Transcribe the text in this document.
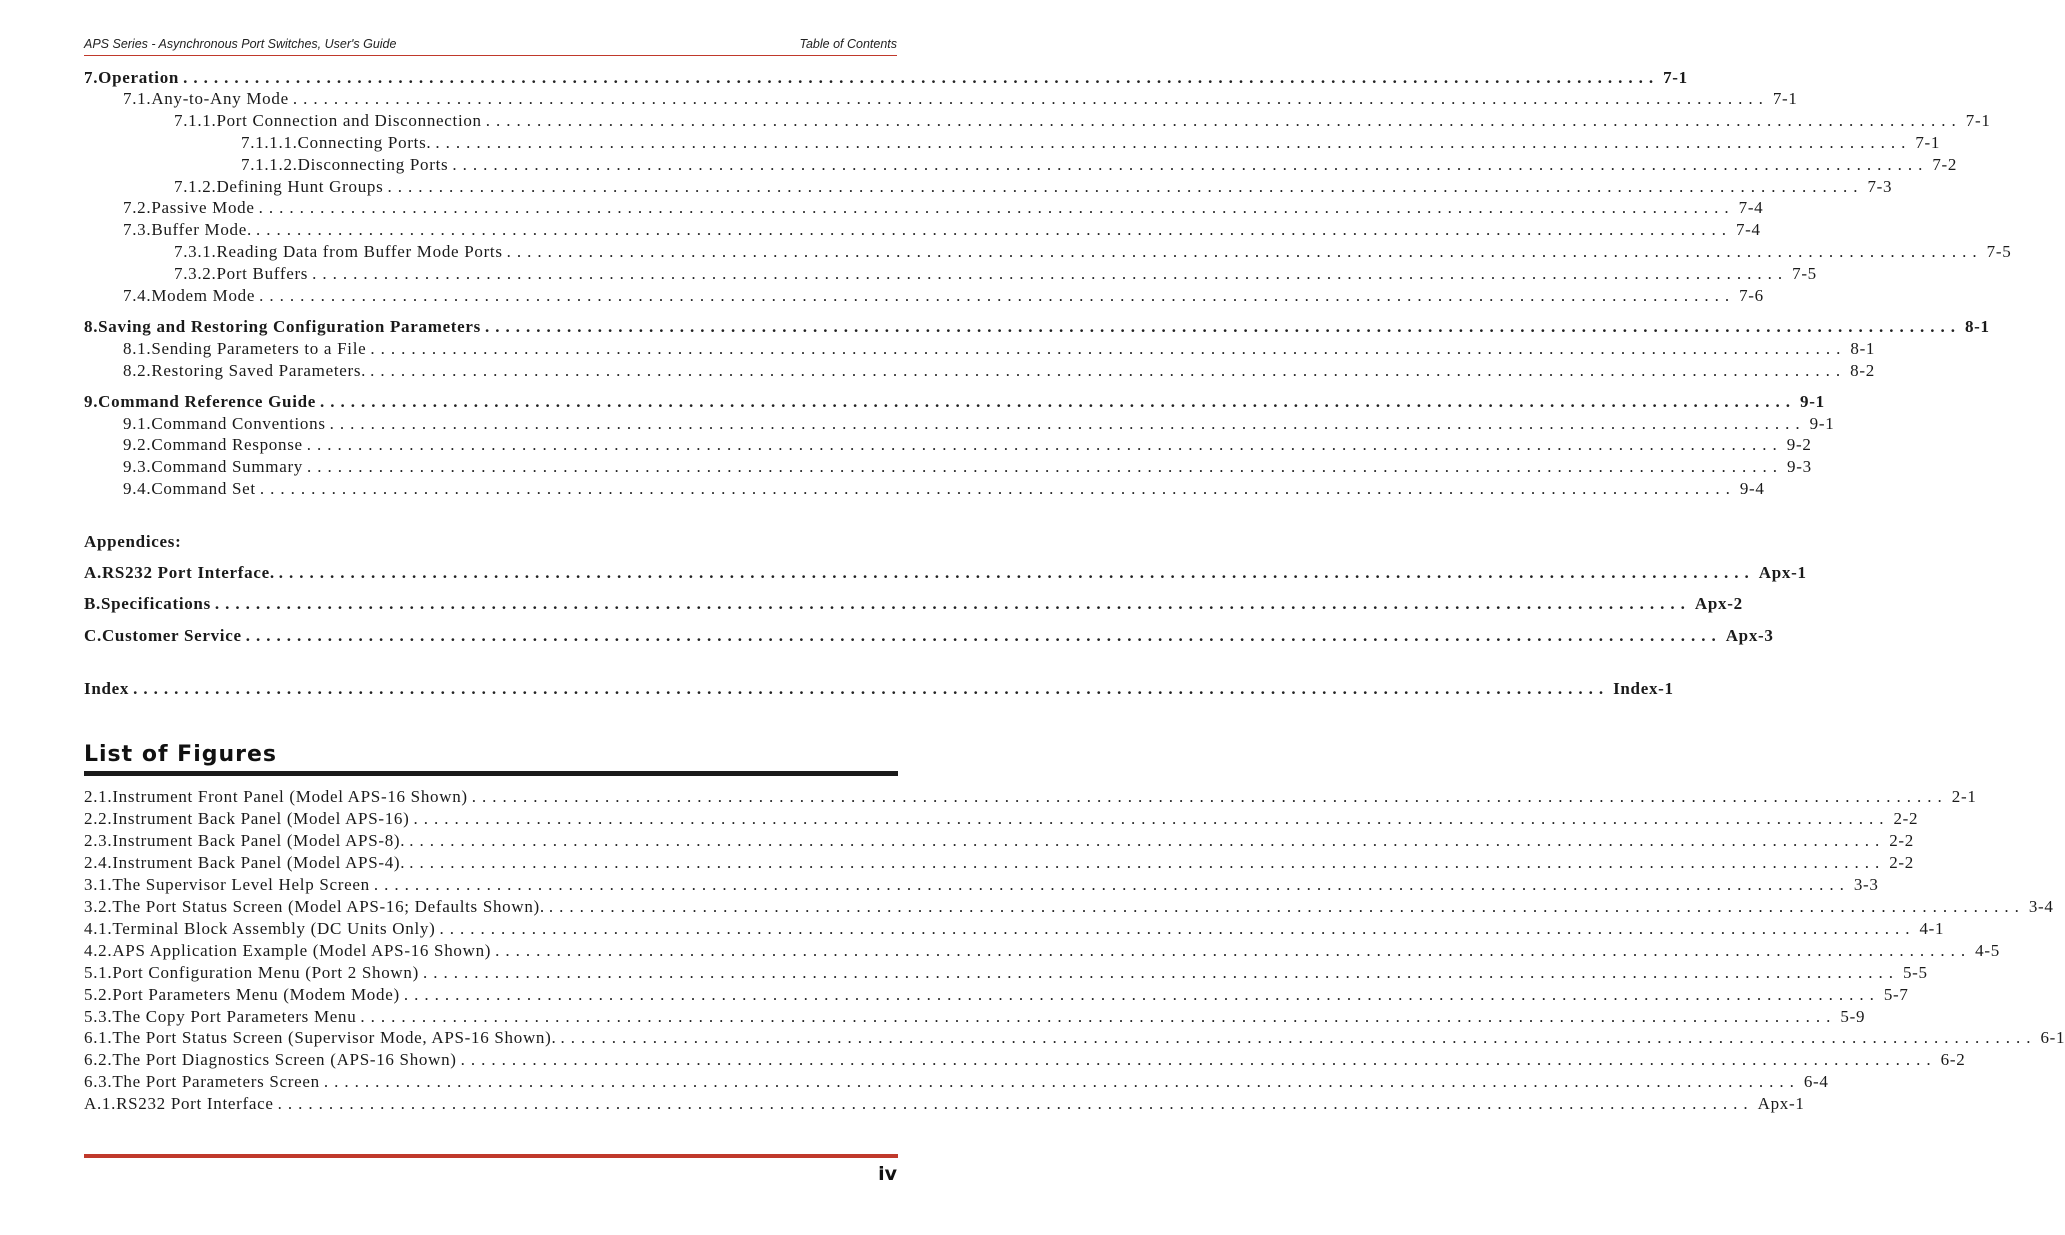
APS Series - Asynchronous Port Switches, User's Guide	Table of Contents
7. Operation ................................................................................................................................................ 7-1
7.1. Any-to-Any Mode ................................................................................................................................................ 7-1
7.1.1. Port Connection and Disconnection ................................................................................................................................................ 7-1
7.1.1.1. Connecting Ports. ................................................................................................................................................ 7-1
7.1.1.2. Disconnecting Ports ................................................................................................................................................ 7-2
7.1.2. Defining Hunt Groups ................................................................................................................................................ 7-3
7.2. Passive Mode ................................................................................................................................................ 7-4
7.3. Buffer Mode. ................................................................................................................................................ 7-4
7.3.1. Reading Data from Buffer Mode Ports ................................................................................................................................................ 7-5
7.3.2. Port Buffers ................................................................................................................................................ 7-5
7.4. Modem Mode ................................................................................................................................................ 7-6
8. Saving and Restoring Configuration Parameters ................................................................................................................................................ 8-1
8.1. Sending Parameters to a File ................................................................................................................................................ 8-1
8.2. Restoring Saved Parameters. ................................................................................................................................................ 8-2
9. Command Reference Guide ................................................................................................................................................ 9-1
9.1. Command Conventions ................................................................................................................................................ 9-1
9.2. Command Response ................................................................................................................................................ 9-2
9.3. Command Summary ................................................................................................................................................ 9-3
9.4. Command Set ................................................................................................................................................ 9-4
A. RS232 Port Interface. ................................................................................................................................................ Apx-1
B. Specifications ................................................................................................................................................ Apx-2
C. Customer Service ................................................................................................................................................ Apx-3
Appendices:
Index ................................................................................................................................................ Index-1
List of Figures
2.1. Instrument Front Panel (Model APS-16 Shown) ................................................................................................................................................ 2-1
2.2. Instrument Back Panel (Model APS-16) ................................................................................................................................................ 2-2
2.3. Instrument Back Panel (Model APS-8). ................................................................................................................................................ 2-2
2.4. Instrument Back Panel (Model APS-4). ................................................................................................................................................ 2-2
3.1. The Supervisor Level Help Screen ................................................................................................................................................ 3-3
3.2. The Port Status Screen (Model APS-16; Defaults Shown). ................................................................................................................................................ 3-4
4.1. Terminal Block Assembly (DC Units Only) ................................................................................................................................................ 4-1
4.2. APS Application Example (Model APS-16 Shown) ................................................................................................................................................ 4-5
5.1. Port Configuration Menu (Port 2 Shown) ................................................................................................................................................ 5-5
5.2. Port Parameters Menu (Modem Mode) ................................................................................................................................................ 5-7
5.3. The Copy Port Parameters Menu ................................................................................................................................................ 5-9
6.1. The Port Status Screen (Supervisor Mode, APS-16 Shown). ................................................................................................................................................ 6-1
6.2. The Port Diagnostics Screen (APS-16 Shown) ................................................................................................................................................ 6-2
6.3. The Port Parameters Screen ................................................................................................................................................ 6-4
A.1. RS232 Port Interface ................................................................................................................................................ Apx-1
iv
